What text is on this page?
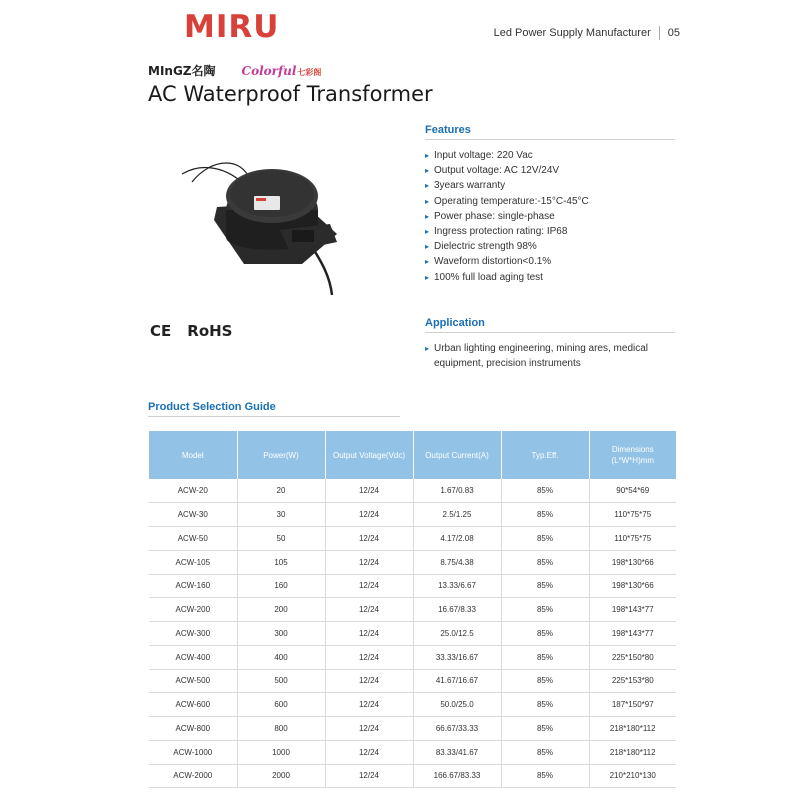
MIRU	Led Power Supply Manufacturer 05
MInGZ名陶 Colorful七彩阁
AC Waterproof Transformer
CE RoHS
Features
▸ Input voltage: 220 Vac
▸ Output voltage: AC 12V/24V
▸ 3years warranty
▸ Operating temperature:-15°C-45°C
▸ Power phase: single-phase
▸ Ingress protection rating: IP68
▸ Dielectric strength 98%
▸ Waveform distortion<0.1%
▸ 100% full load aging test
Application
▸ Urban lighting engineering, mining ares, medical equipment, precision instruments
Product Selection Guide
Model	Power(W)	Output Voltage(Vdc)	Output Current(A)	Typ.Eff.	Dimensions (L*W*H)mm
ACW-20	20	12/24	1.67/0.83	85%	90*54*69
ACW-30	30	12/24	2.5/1.25	85%	110*75*75
ACW-50	50	12/24	4.17/2.08	85%	110*75*75
ACW-105	105	12/24	8.75/4.38	85%	198*130*66
ACW-160	160	12/24	13.33/6.67	85%	198*130*66
ACW-200	200	12/24	16.67/8.33	85%	198*143*77
ACW-300	300	12/24	25.0/12.5	85%	198*143*77
ACW-400	400	12/24	33.33/16.67	85%	225*150*80
ACW-500	500	12/24	41.67/16.67	85%	225*153*80
ACW-600	600	12/24	50.0/25.0	85%	187*150*97
ACW-800	800	12/24	66.67/33.33	85%	218*180*112
ACW-1000	1000	12/24	83.33/41.67	85%	218*180*112
ACW-2000	2000	12/24	166.67/83.33	85%	210*210*130
